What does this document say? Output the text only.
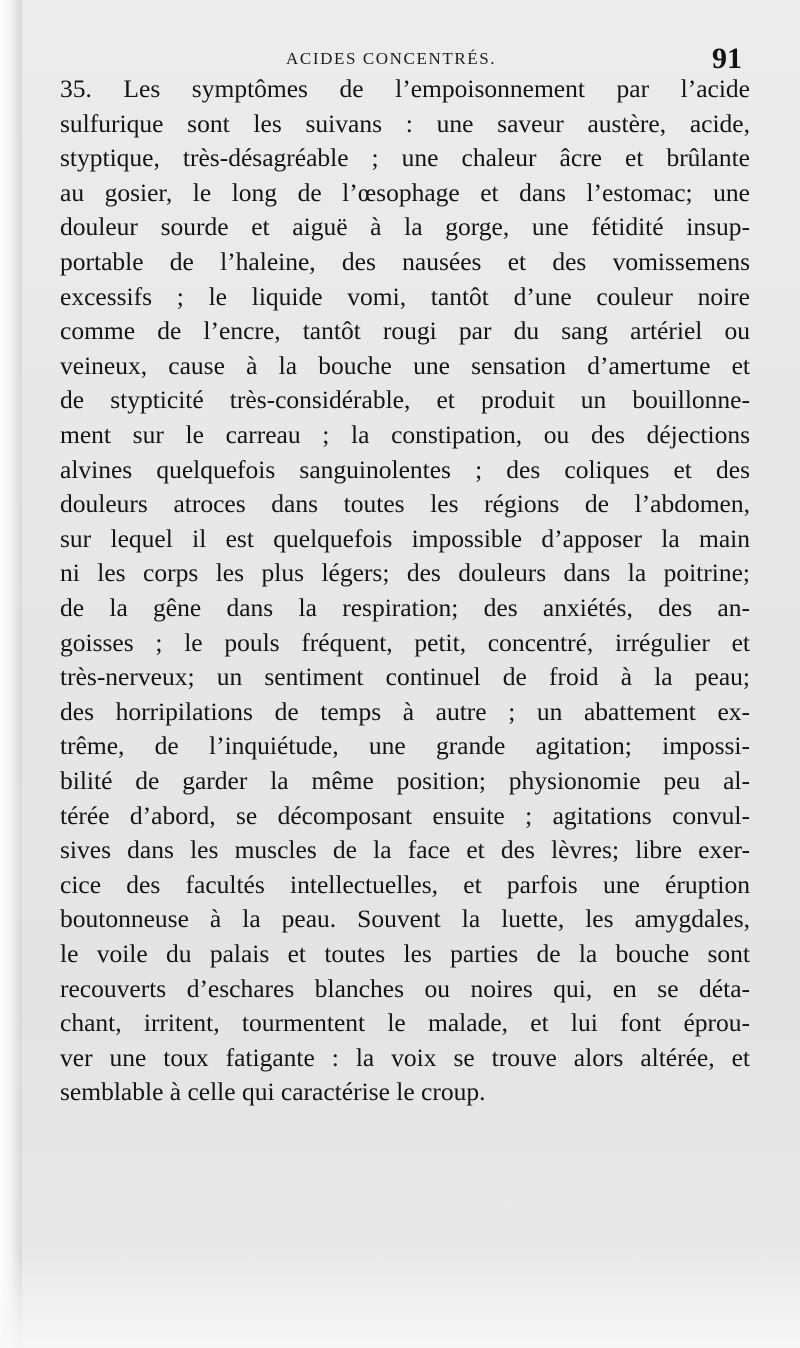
ACIDES CONCENTRÉS.	91
35. Les symptômes de l’empoisonnement par l’acide
sulfurique sont les suivans : une saveur austère, acide,
styptique, très-désagréable ; une chaleur âcre et brûlante
au gosier, le long de l’œsophage et dans l’estomac; une
douleur sourde et aiguë à la gorge, une fétidité insup-
portable de l’haleine, des nausées et des vomissemens
excessifs ; le liquide vomi, tantôt d’une couleur noire
comme de l’encre, tantôt rougi par du sang artériel ou
veineux, cause à la bouche une sensation d’amertume et
de stypticité très-considérable, et produit un bouillonne-
ment sur le carreau ; la constipation, ou des déjections
alvines quelquefois sanguinolentes ; des coliques et des
douleurs atroces dans toutes les régions de l’abdomen,
sur lequel il est quelquefois impossible d’apposer la main
ni les corps les plus légers; des douleurs dans la poitrine;
de la gêne dans la respiration; des anxiétés, des an-
goisses ; le pouls fréquent, petit, concentré, irrégulier et
très-nerveux; un sentiment continuel de froid à la peau;
des horripilations de temps à autre ; un abattement ex-
trême, de l’inquiétude, une grande agitation; impossi-
bilité de garder la même position; physionomie peu al-
térée d’abord, se décomposant ensuite ; agitations convul-
sives dans les muscles de la face et des lèvres; libre exer-
cice des facultés intellectuelles, et parfois une éruption
boutonneuse à la peau. Souvent la luette, les amygdales,
le voile du palais et toutes les parties de la bouche sont
recouverts d’eschares blanches ou noires qui, en se déta-
chant, irritent, tourmentent le malade, et lui font éprou-
ver une toux fatigante : la voix se trouve alors altérée, et
semblable à celle qui caractérise le croup.
